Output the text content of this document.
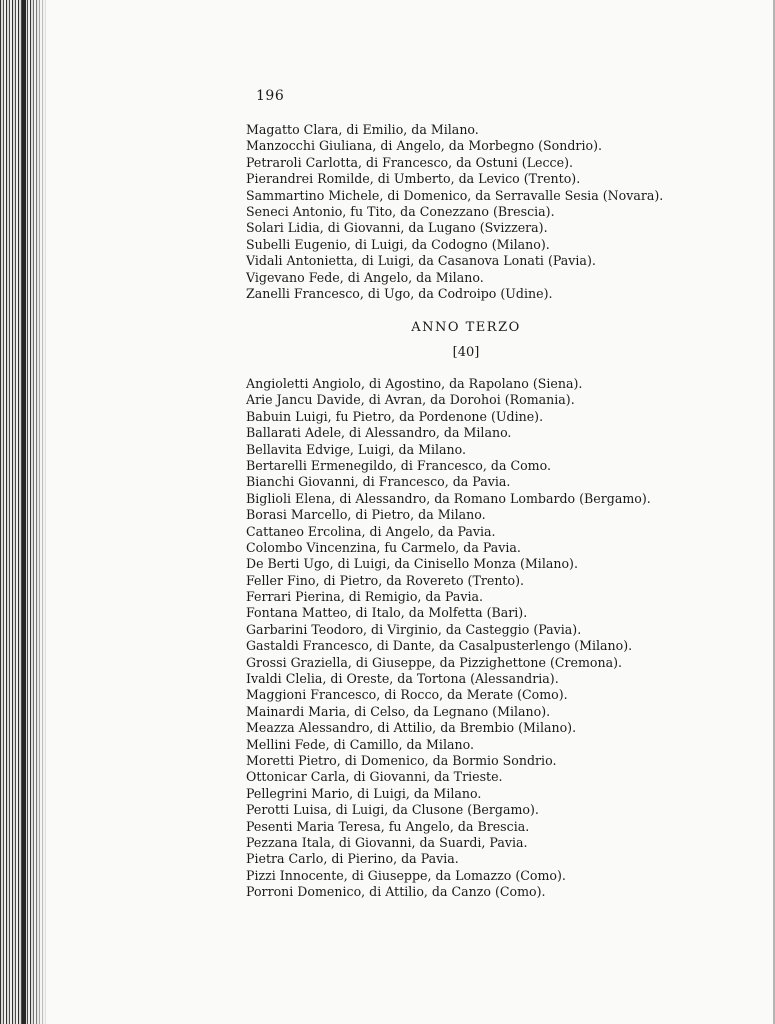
196
Magatto Clara, di Emilio, da Milano.
Manzocchi Giuliana, di Angelo, da Morbegno (Sondrio).
Petraroli Carlotta, di Francesco, da Ostuni (Lecce).
Pierandrei Romilde, di Umberto, da Levico (Trento).
Sammartino Michele, di Domenico, da Serravalle Sesia (Novara).
Seneci Antonio, fu Tito, da Conezzano (Brescia).
Solari Lidia, di Giovanni, da Lugano (Svizzera).
Subelli Eugenio, di Luigi, da Codogno (Milano).
Vidali Antonietta, di Luigi, da Casanova Lonati (Pavia).
Vigevano Fede, di Angelo, da Milano.
Zanelli Francesco, di Ugo, da Codroipo (Udine).
ANNO TERZO
[40]
Angioletti Angiolo, di Agostino, da Rapolano (Siena).
Arie Jancu Davide, di Avran, da Dorohoi (Romania).
Babuin Luigi, fu Pietro, da Pordenone (Udine).
Ballarati Adele, di Alessandro, da Milano.
Bellavita Edvige, Luigi, da Milano.
Bertarelli Ermenegildo, di Francesco, da Como.
Bianchi Giovanni, di Francesco, da Pavia.
Biglioli Elena, di Alessandro, da Romano Lombardo (Bergamo).
Borasi Marcello, di Pietro, da Milano.
Cattaneo Ercolina, di Angelo, da Pavia.
Colombo Vincenzina, fu Carmelo, da Pavia.
De Berti Ugo, di Luigi, da Cinisello Monza (Milano).
Feller Fino, di Pietro, da Rovereto (Trento).
Ferrari Pierina, di Remigio, da Pavia.
Fontana Matteo, di Italo, da Molfetta (Bari).
Garbarini Teodoro, di Virginio, da Casteggio (Pavia).
Gastaldi Francesco, di Dante, da Casalpusterlengo (Milano).
Grossi Graziella, di Giuseppe, da Pizzighettone (Cremona).
Ivaldi Clelia, di Oreste, da Tortona (Alessandria).
Maggioni Francesco, di Rocco, da Merate (Como).
Mainardi Maria, di Celso, da Legnano (Milano).
Meazza Alessandro, di Attilio, da Brembio (Milano).
Mellini Fede, di Camillo, da Milano.
Moretti Pietro, di Domenico, da Bormio Sondrio.
Ottonicar Carla, di Giovanni, da Trieste.
Pellegrini Mario, di Luigi, da Milano.
Perotti Luisa, di Luigi, da Clusone (Bergamo).
Pesenti Maria Teresa, fu Angelo, da Brescia.
Pezzana Itala, di Giovanni, da Suardi, Pavia.
Pietra Carlo, di Pierino, da Pavia.
Pizzi Innocente, di Giuseppe, da Lomazzo (Como).
Porroni Domenico, di Attilio, da Canzo (Como).
